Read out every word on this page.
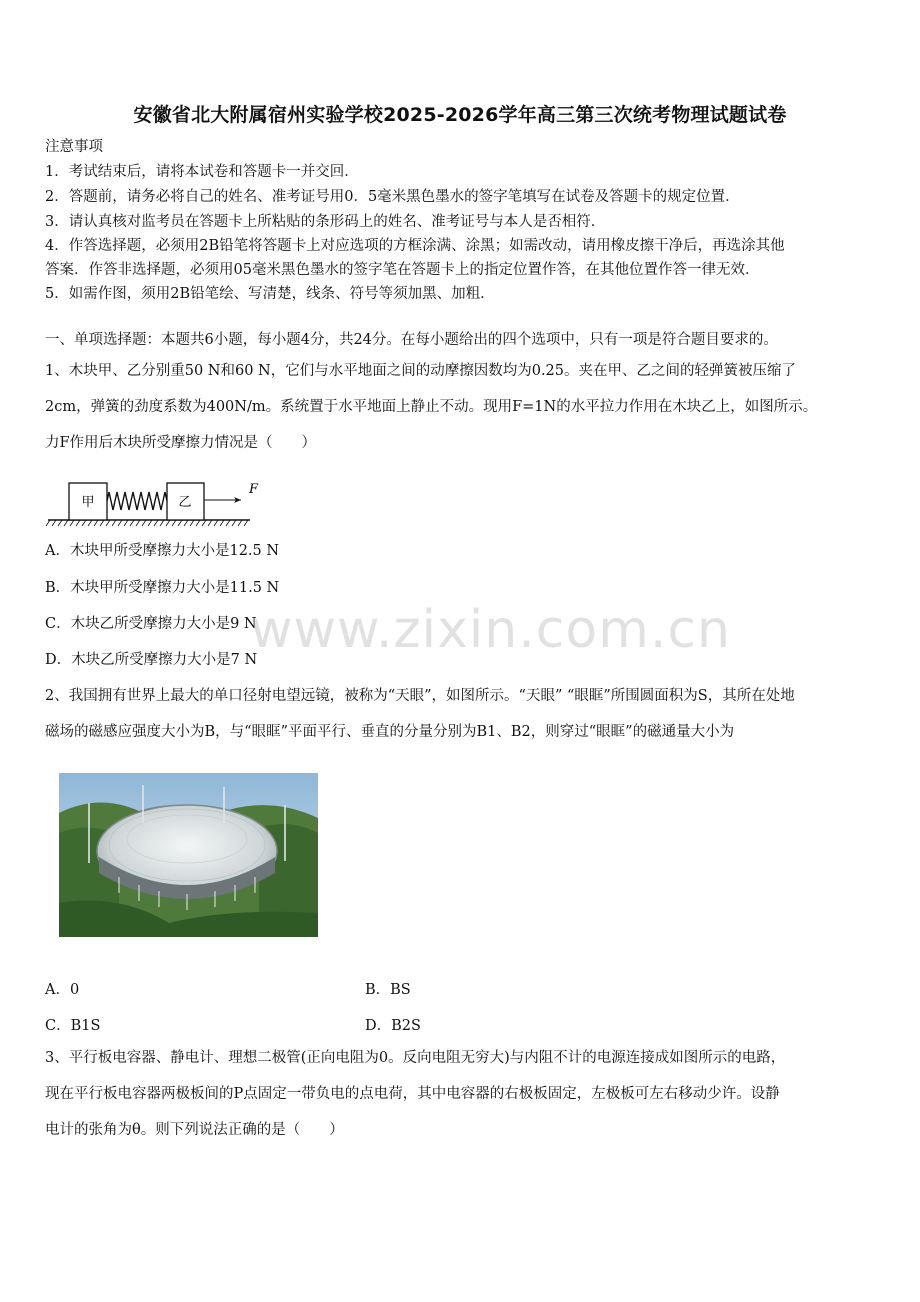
安徽省北大附属宿州实验学校2025-2026学年高三第三次统考物理试题试卷
注意事项
1．考试结束后，请将本试卷和答题卡一并交回．
2．答题前，请务必将自己的姓名、准考证号用0．5毫米黑色墨水的签字笔填写在试卷及答题卡的规定位置．
3．请认真核对监考员在答题卡上所粘贴的条形码上的姓名、准考证号与本人是否相符．
4．作答选择题，必须用2B铅笔将答题卡上对应选项的方框涂满、涂黑；如需改动，请用橡皮擦干净后，再选涂其他
答案．作答非选择题，必须用05毫米黑色墨水的签字笔在答题卡上的指定位置作答，在其他位置作答一律无效．
5．如需作图，须用2B铅笔绘、写清楚，线条、符号等须加黑、加粗．
一、单项选择题：本题共6小题，每小题4分，共24分。在每小题给出的四个选项中，只有一项是符合题目要求的。
1、木块甲、乙分别重50 N和60 N，它们与水平地面之间的动摩擦因数均为0.25。夹在甲、乙之间的轻弹簧被压缩了
2cm，弹簧的劲度系数为400N/m。系统置于水平地面上静止不动。现用F=1N的水平拉力作用在木块乙上，如图所示。
力F作用后木块所受摩擦力情况是（　　）
甲	乙
F
A．木块甲所受摩擦力大小是12.5 N
B．木块甲所受摩擦力大小是11.5 N
C．木块乙所受摩擦力大小是9 N
D．木块乙所受摩擦力大小是7 N
www.zixin.com.cn
2、我国拥有世界上最大的单口径射电望远镜，被称为“天眼”，如图所示。“天眼” “眼眶”所围圆面积为S，其所在处地
磁场的磁感应强度大小为B，与“眼眶”平面平行、垂直的分量分别为B1、B2，则穿过“眼眶”的磁通量大小为
A．0	B．BS
C．B1S	D．B2S
3、平行板电容器、静电计、理想二极管(正向电阻为0。反向电阻无穷大)与内阻不计的电源连接成如图所示的电路，
现在平行板电容器两极板间的P点固定一带负电的点电荷，其中电容器的右极板固定，左极板可左右移动少许。设静
电计的张角为θ。则下列说法正确的是（　　）
